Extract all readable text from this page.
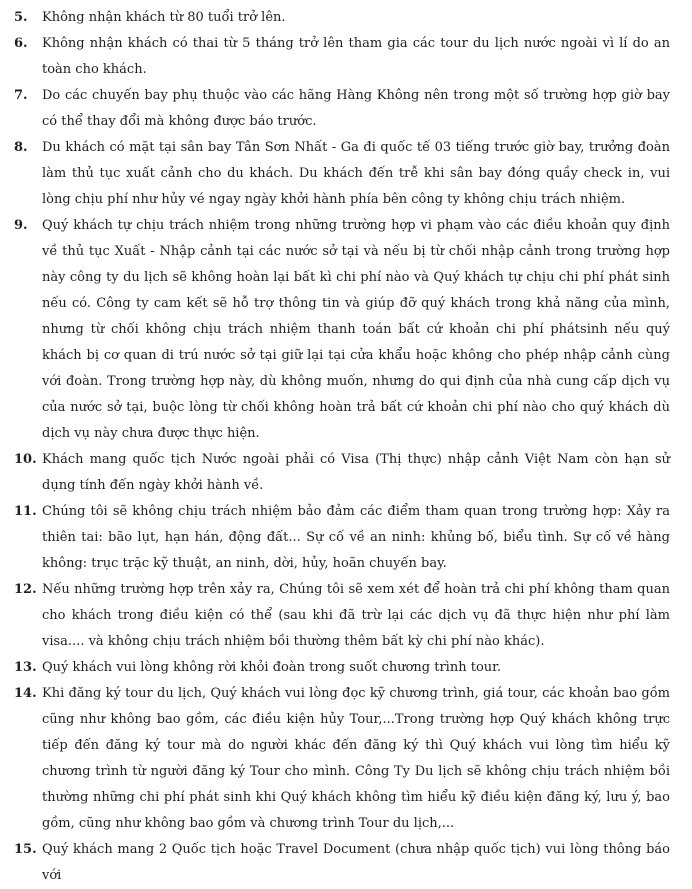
5. Không nhận khách từ 80 tuổi trở lên.
6. Không nhận khách có thai từ 5 tháng trở lên tham gia các tour du lịch nước ngoài vì lí do an toàn cho khách.
7. Do các chuyến bay phụ thuộc vào các hãng Hàng Không nên trong một số trường hợp giờ bay có thể thay đổi mà không được báo trước.
8. Du khách có mặt tại sân bay Tân Sơn Nhất - Ga đi quốc tế 03 tiếng trước giờ bay, trưởng đoàn làm thủ tục xuất cảnh cho du khách. Du khách đến trễ khi sân bay đóng quầy check in, vui lòng chịu phí như hủy vé ngay ngày khởi hành phía bên công ty không chịu trách nhiệm.
9. Quý khách tự chịu trách nhiệm trong những trường hợp vi phạm vào các điều khoản quy định về thủ tục Xuất - Nhập cảnh tại các nước sở tại và nếu bị từ chối nhập cảnh trong trường hợp này công ty du lịch sẽ không hoàn lại bất kì chi phí nào và Quý khách tự chịu chi phí phát sinh nếu có. Công ty cam kết sẽ hỗ trợ thông tin và giúp đỡ quý khách trong khả năng của mình, nhưng từ chối không chịu trách nhiệm thanh toán bất cứ khoản chi phí phátsinh nếu quý khách bị cơ quan di trú nước sở tại giữ lại tại cửa khẩu hoặc không cho phép nhập cảnh cùng với đoàn. Trong trường hợp này, dù không muốn, nhưng do qui định của nhà cung cấp dịch vụ của nước sở tại, buộc lòng từ chối không hoàn trả bất cứ khoản chi phí nào cho quý khách dù dịch vụ này chưa được thực hiện.
10. Khách mang quốc tịch Nước ngoài phải có Visa (Thị thực) nhập cảnh Việt Nam còn hạn sử dụng tính đến ngày khởi hành về.
11. Chúng tôi sẽ không chịu trách nhiệm bảo đảm các điểm tham quan trong trường hợp: Xảy ra thiên tai: bão lụt, hạn hán, động đất... Sự cố về an ninh: khủng bố, biểu tình. Sự cố về hàng không: trục trặc kỹ thuật, an ninh, dời, hủy, hoãn chuyến bay.
12. Nếu những trường hợp trên xảy ra, Chúng tôi sẽ xem xét để hoàn trả chi phí không tham quan cho khách trong điều kiện có thể (sau khi đã trừ lại các dịch vụ đã thực hiện như phí làm visa.... và không chịu trách nhiệm bồi thường thêm bất kỳ chi phí nào khác).
13. Quý khách vui lòng không rời khỏi đoàn trong suốt chương trình tour.
14. Khi đăng ký tour du lịch, Quý khách vui lòng đọc kỹ chương trình, giá tour, các khoản bao gồm cũng như không bao gồm, các điều kiện hủy Tour,...Trong trường hợp Quý khách không trực tiếp đến đăng ký tour mà do người khác đến đăng ký thì Quý khách vui lòng tìm hiểu kỹ chương trình từ người đăng ký Tour cho mình. Công Ty Du lịch sẽ không chịu trách nhiệm bồi thường những chi phí phát sinh khi Quý khách không tìm hiểu kỹ điều kiện đăng ký, lưu ý, bao gồm, cũng như không bao gồm và chương trình Tour du lịch,...
15. Quý khách mang 2 Quốc tịch hoặc Travel Document (chưa nhập quốc tịch) vui lòng thông báo với
